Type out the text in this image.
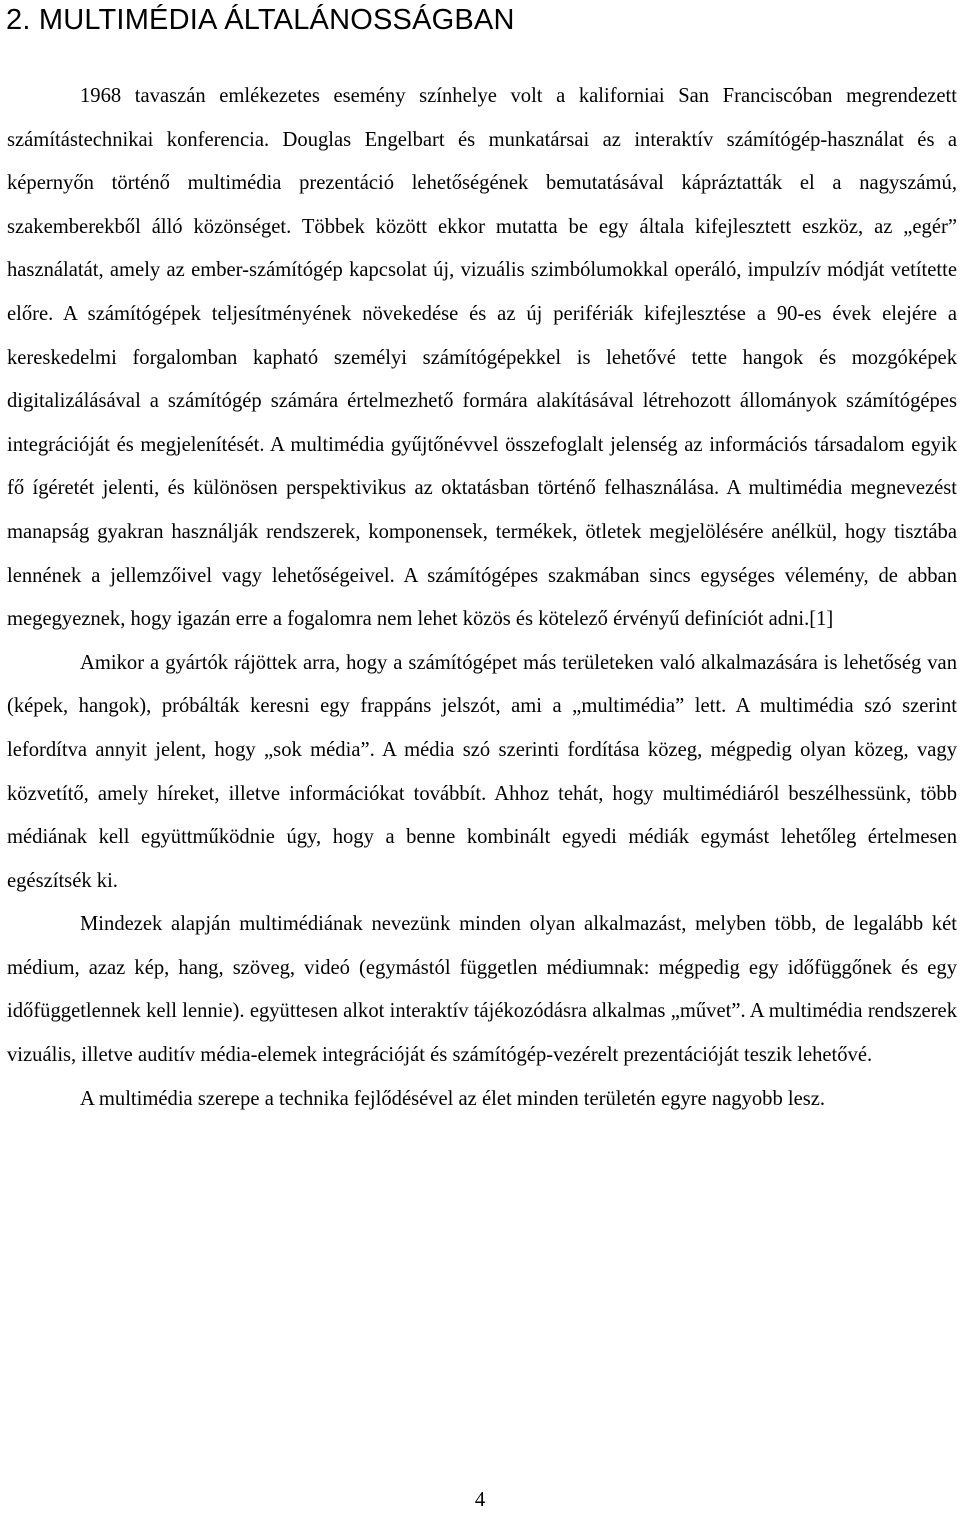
2. MULTIMÉDIA ÁLTALÁNOSSÁGBAN

1968 tavaszán emlékezetes esemény színhelye volt a kaliforniai San Franciscóban megrendezett számítástechnikai konferencia. Douglas Engelbart és munkatársai az interaktív számítógép-használat és a képernyőn történő multimédia prezentáció lehetőségének bemutatásával kápráztatták el a nagyszámú, szakemberekből álló közönséget. Többek között ekkor mutatta be egy általa kifejlesztett eszköz, az „egér” használatát, amely az ember-számítógép kapcsolat új, vizuális szimbólumokkal operáló, impulzív módját vetítette előre. A számítógépek teljesítményének növekedése és az új perifériák kifejlesztése a 90-es évek elejére a kereskedelmi forgalomban kapható személyi számítógépekkel is lehetővé tette hangok és mozgóképek digitalizálásával a számítógép számára értelmezhető formára alakításával létrehozott állományok számítógépes integrációját és megjelenítését. A multimédia gyűjtőnévvel összefoglalt jelenség az információs társadalom egyik fő ígéretét jelenti, és különösen perspektivikus az oktatásban történő felhasználása. A multimédia megnevezést manapság gyakran használják rendszerek, komponensek, termékek, ötletek megjelölésére anélkül, hogy tisztába lennének a jellemzőivel vagy lehetőségeivel. A számítógépes szakmában sincs egységes vélemény, de abban megegyeznek, hogy igazán erre a fogalomra nem lehet közös és kötelező érvényű definíciót adni.[1]

Amikor a gyártók rájöttek arra, hogy a számítógépet más területeken való alkalmazására is lehetőség van (képek, hangok), próbálták keresni egy frappáns jelszót, ami a „multimédia” lett. A multimédia szó szerint lefordítva annyit jelent, hogy „sok média”. A média szó szerinti fordítása közeg, mégpedig olyan közeg, vagy közvetítő, amely híreket, illetve információkat továbbít. Ahhoz tehát, hogy multimédiáról beszélhessünk, több médiának kell együttműködnie úgy, hogy a benne kombinált egyedi médiák egymást lehetőleg értelmesen egészítsék ki.

Mindezek alapján multimédiának nevezünk minden olyan alkalmazást, melyben több, de legalább két médium, azaz kép, hang, szöveg, videó (egymástól független médiumnak: mégpedig egy időfüggőnek és egy időfüggetlennek kell lennie). együttesen alkot interaktív tájékozódásra alkalmas „művet”. A multimédia rendszerek vizuális, illetve auditív média-elemek integrációját és számítógép-vezérelt prezentációját teszik lehetővé.

A multimédia szerepe a technika fejlődésével az élet minden területén egyre nagyobb lesz.

4
